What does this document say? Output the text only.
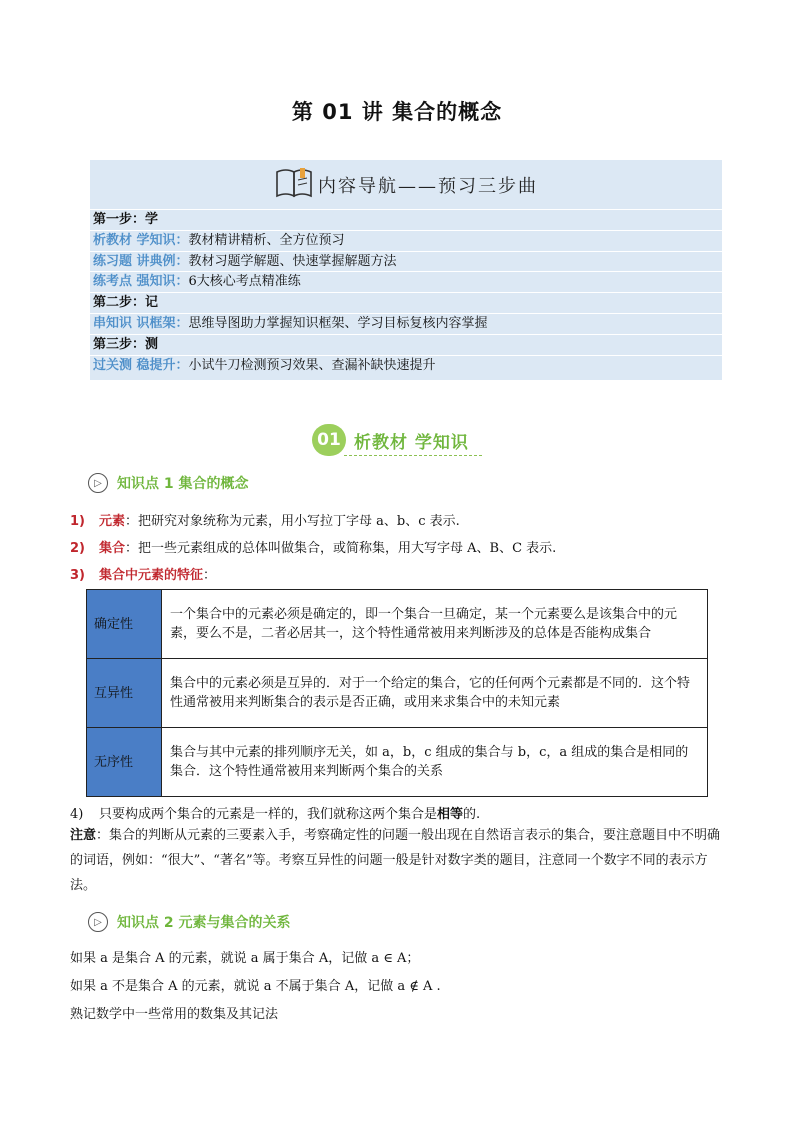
第 01 讲 集合的概念
内容导航——预习三步曲
第一步：学
析教材 学知识：教材精讲精析、全方位预习
练习题 讲典例：教材习题学解题、快速掌握解题方法
练考点 强知识：6大核心考点精准练
第二步：记
串知识 识框架：思维导图助力掌握知识框架、学习目标复核内容掌握
第三步：测
过关测 稳提升：小试牛刀检测预习效果、查漏补缺快速提升
01 析教材 学知识
▷	知识点 1 集合的概念
1) 元素：把研究对象统称为元素，用小写拉丁字母 a、b、c 表示.
2) 集合：把一些元素组成的总体叫做集合，或简称集，用大写字母 A、B、C 表示.
3) 集合中元素的特征：
确定性	一个集合中的元素必须是确定的，即一个集合一旦确定，某一个元素要么是该集合中的元素，要么不是，二者必居其一，这个特性通常被用来判断涉及的总体是否能构成集合
互异性	集合中的元素必须是互异的．对于一个给定的集合，它的任何两个元素都是不同的．这个特性通常被用来判断集合的表示是否正确，或用来求集合中的未知元素
无序性	集合与其中元素的排列顺序无关，如 a，b，c 组成的集合与 b，c，a 组成的集合是相同的集合．这个特性通常被用来判断两个集合的关系
4) 只要构成两个集合的元素是一样的，我们就称这两个集合是相等的.
注意：集合的判断从元素的三要素入手，考察确定性的问题一般出现在自然语言表示的集合，要注意题目中不明确的词语，例如：“很大”、“著名”等。考察互异性的问题一般是针对数字类的题目，注意同一个数字不同的表示方法。
▷	知识点 2 元素与集合的关系
如果 a 是集合 A 的元素，就说 a 属于集合 A，记做 a ∈ A；
如果 a 不是集合 A 的元素，就说 a 不属于集合 A，记做 a ∉ A .
熟记数学中一些常用的数集及其记法
